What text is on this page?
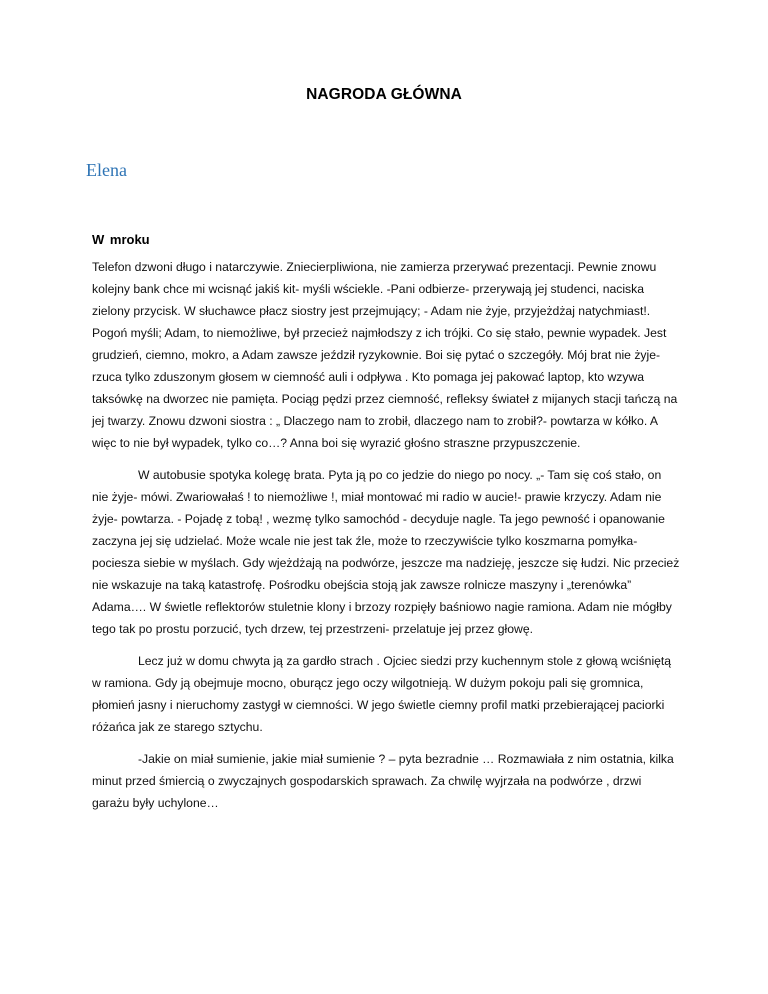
NAGRODA GŁÓWNA
Elena
W mroku

Telefon dzwoni długo i natarczywie. Zniecierpliwiona, nie zamierza przerywać prezentacji. Pewnie znowu kolejny bank chce mi wcisnąć jakiś kit- myśli wściekle. -Pani odbierze- przerywają jej studenci, naciska zielony przycisk. W słuchawce płacz siostry jest przejmujący; - Adam nie żyje, przyjeżdżaj natychmiast!. Pogoń myśli; Adam, to niemożliwe, był przecież najmłodszy z ich trójki. Co się stało, pewnie wypadek. Jest grudzień, ciemno, mokro, a Adam zawsze jeździł ryzykownie. Boi się pytać o szczegóły. Mój brat nie żyje- rzuca tylko zduszonym głosem w ciemność auli i odpływa . Kto pomaga jej pakować laptop, kto wzywa taksówkę na dworzec nie pamięta. Pociąg pędzi przez ciemność, refleksy świateł z mijanych stacji tańczą na jej twarzy. Znowu dzwoni siostra : „ Dlaczego nam to zrobił, dlaczego nam to zrobił?- powtarza w kółko. A więc to nie był wypadek, tylko co…? Anna boi się wyrazić głośno straszne przypuszczenie.

W autobusie spotyka kolegę brata. Pyta ją po co jedzie do niego po nocy. „- Tam się coś stało, on nie żyje- mówi. Zwariowałaś ! to niemożliwe !, miał montować mi radio w aucie!- prawie krzyczy. Adam nie żyje- powtarza. - Pojadę z tobą! , wezmę tylko samochód - decyduje nagle. Ta jego pewność i opanowanie zaczyna jej się udzielać. Może wcale nie jest tak źle, może to rzeczywiście tylko koszmarna pomyłka- pociesza siebie w myślach. Gdy wjeżdżają na podwórze, jeszcze ma nadzieję, jeszcze się łudzi. Nic przecież nie wskazuje na taką katastrofę. Pośrodku obejścia stoją jak zawsze rolnicze maszyny i „terenówka” Adama…. W świetle reflektorów stuletnie klony i brzozy rozpięły baśniowo nagie ramiona. Adam nie mógłby tego tak po prostu porzucić, tych drzew, tej przestrzeni- przelatuje jej przez głowę.

Lecz już w domu chwyta ją za gardło strach . Ojciec siedzi przy kuchennym stole z głową wciśniętą w ramiona. Gdy ją obejmuje mocno, oburącz jego oczy wilgotnieją. W dużym pokoju pali się gromnica, płomień jasny i nieruchomy zastygł w ciemności. W jego świetle ciemny profil matki przebierającej paciorki różańca jak ze starego sztychu.

-Jakie on miał sumienie, jakie miał sumienie ? – pyta bezradnie … Rozmawiała z nim ostatnia, kilka minut przed śmiercią o zwyczajnych gospodarskich sprawach. Za chwilę wyjrzała na podwórze , drzwi garażu były uchylone…
